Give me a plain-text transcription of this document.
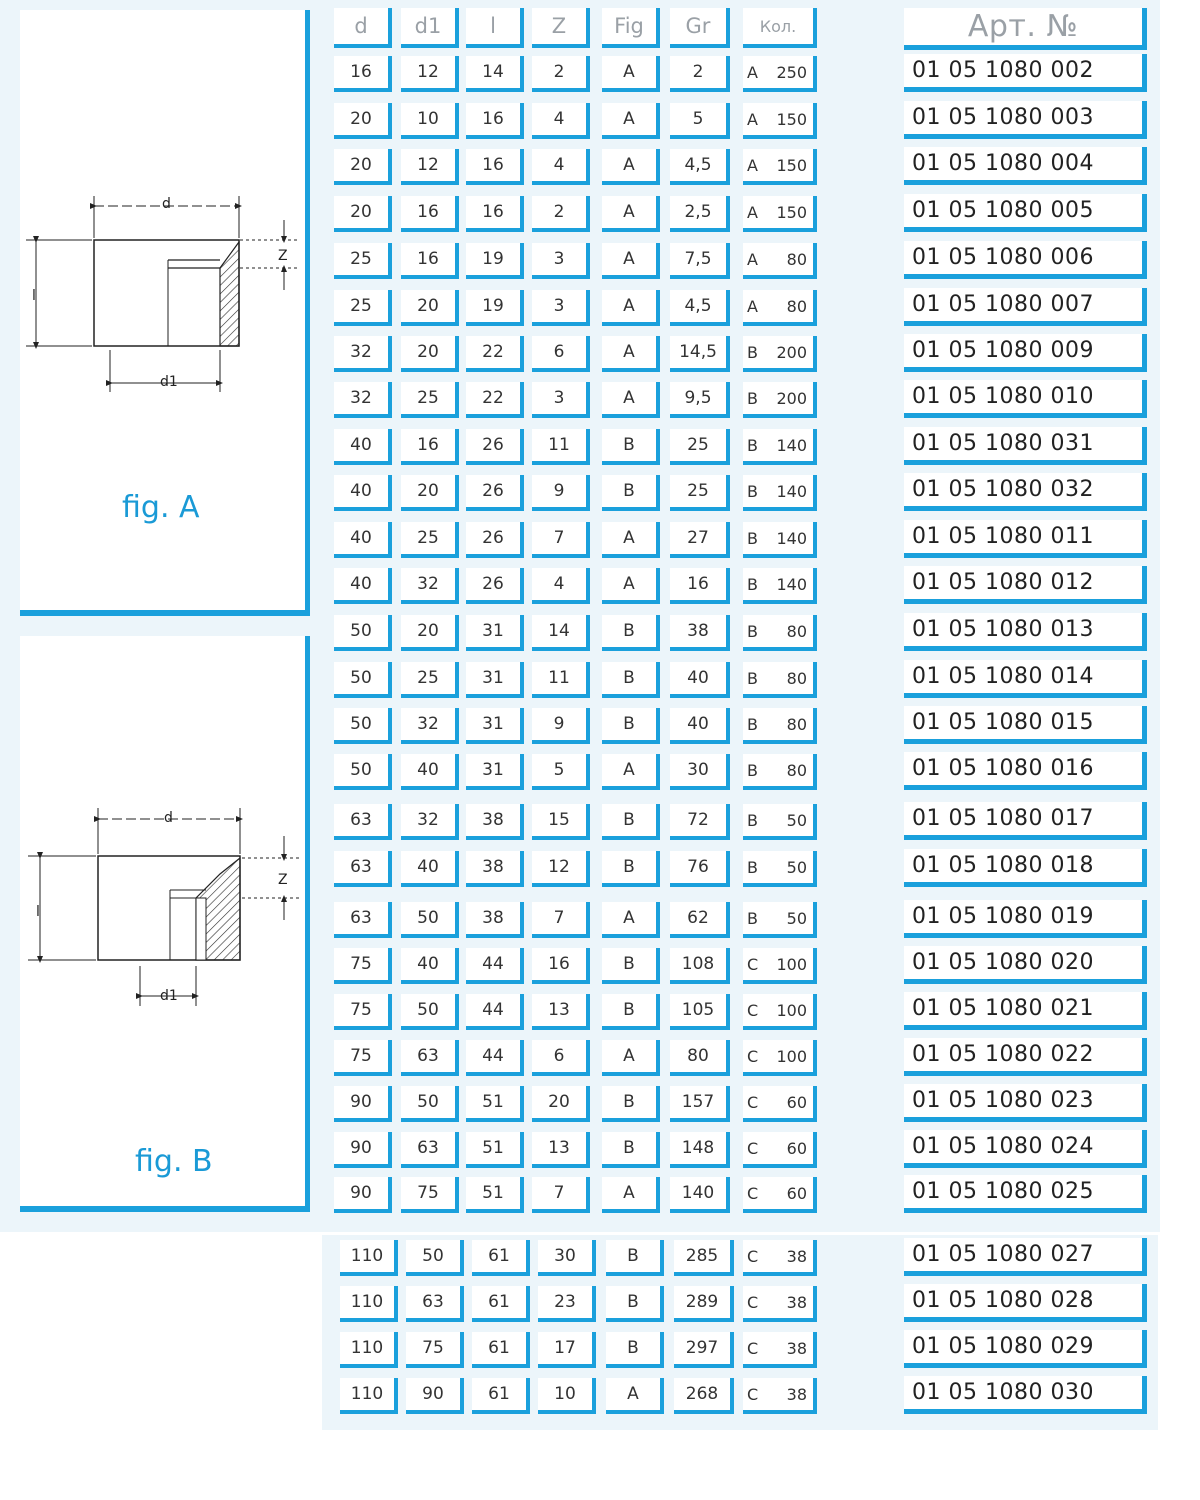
d
l
Z
d1
fig. A
d
l
Z
d1
fig. B
d	d1	l	Z	Fig	Gr	Кол.	Арт. №
16	12	14	2	A	2	A 250	01 05 1080 002
20	10	16	4	A	5	A 150	01 05 1080 003
20	12	16	4	A	4,5	A 150	01 05 1080 004
20	16	16	2	A	2,5	A 150	01 05 1080 005
25	16	19	3	A	7,5	A 80	01 05 1080 006
25	20	19	3	A	4,5	A 80	01 05 1080 007
32	20	22	6	A	14,5	B 200	01 05 1080 009
32	25	22	3	A	9,5	B 200	01 05 1080 010
40	16	26	11	B	25	B 140	01 05 1080 031
40	20	26	9	B	25	B 140	01 05 1080 032
40	25	26	7	A	27	B 140	01 05 1080 011
40	32	26	4	A	16	B 140	01 05 1080 012
50	20	31	14	B	38	B 80	01 05 1080 013
50	25	31	11	B	40	B 80	01 05 1080 014
50	32	31	9	B	40	B 80	01 05 1080 015
50	40	31	5	A	30	B 80	01 05 1080 016
63	32	38	15	B	72	B 50	01 05 1080 017
63	40	38	12	B	76	B 50	01 05 1080 018
63	50	38	7	A	62	B 50	01 05 1080 019
75	40	44	16	B	108	C 100	01 05 1080 020
75	50	44	13	B	105	C 100	01 05 1080 021
75	63	44	6	A	80	C 100	01 05 1080 022
90	50	51	20	B	157	C 60	01 05 1080 023
90	63	51	13	B	148	C 60	01 05 1080 024
90	75	51	7	A	140	C 60	01 05 1080 025
110	50	61	30	B	285	C 38	01 05 1080 027
110	63	61	23	B	289	C 38	01 05 1080 028
110	75	61	17	B	297	C 38	01 05 1080 029
110	90	61	10	A	268	C 38	01 05 1080 030
